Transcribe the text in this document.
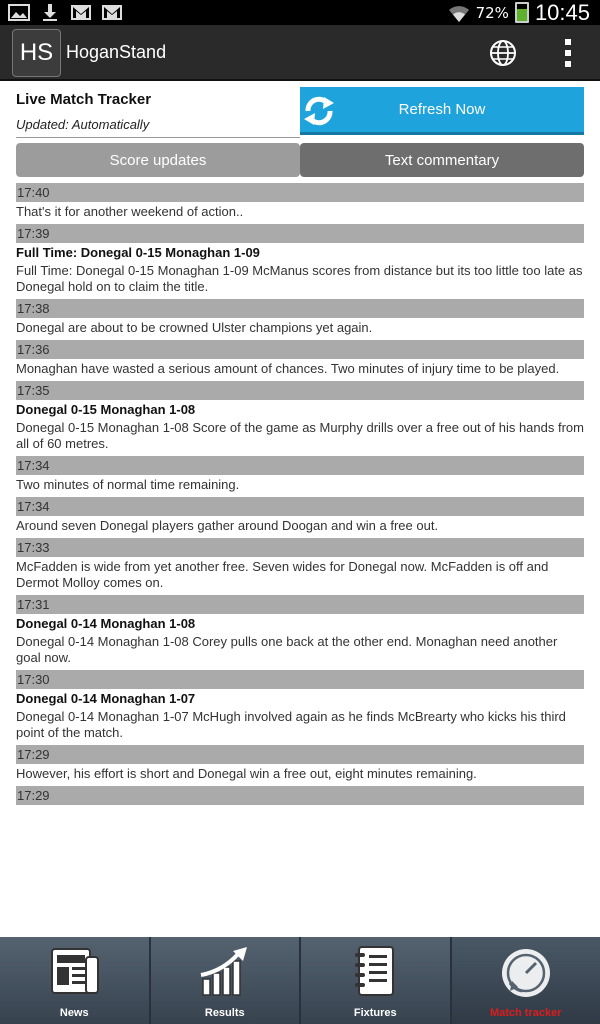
72% 10:45
HS HoganStand
Live Match Tracker
Updated: Automatically
Refresh Now
Score updates	Text commentary
17:40
That's it for another weekend of action..
17:39
Full Time: Donegal 0-15 Monaghan 1-09
Full Time: Donegal 0-15 Monaghan 1-09 McManus scores from distance but its too little too late as Donegal hold on to claim the title.
17:38
Donegal are about to be crowned Ulster champions yet again.
17:36
Monaghan have wasted a serious amount of chances. Two minutes of injury time to be played.
17:35
Donegal 0-15 Monaghan 1-08
Donegal 0-15 Monaghan 1-08 Score of the game as Murphy drills over a free out of his hands from all of 60 metres.
17:34
Two minutes of normal time remaining.
17:34
Around seven Donegal players gather around Doogan and win a free out.
17:33
McFadden is wide from yet another free. Seven wides for Donegal now. McFadden is off and Dermot Molloy comes on.
17:31
Donegal 0-14 Monaghan 1-08
Donegal 0-14 Monaghan 1-08 Corey pulls one back at the other end. Monaghan need another goal now.
17:30
Donegal 0-14 Monaghan 1-07
Donegal 0-14 Monaghan 1-07 McHugh involved again as he finds McBrearty who kicks his third point of the match.
17:29
However, his effort is short and Donegal win a free out, eight minutes remaining.
17:29
News	Results	Fixtures	Match tracker
